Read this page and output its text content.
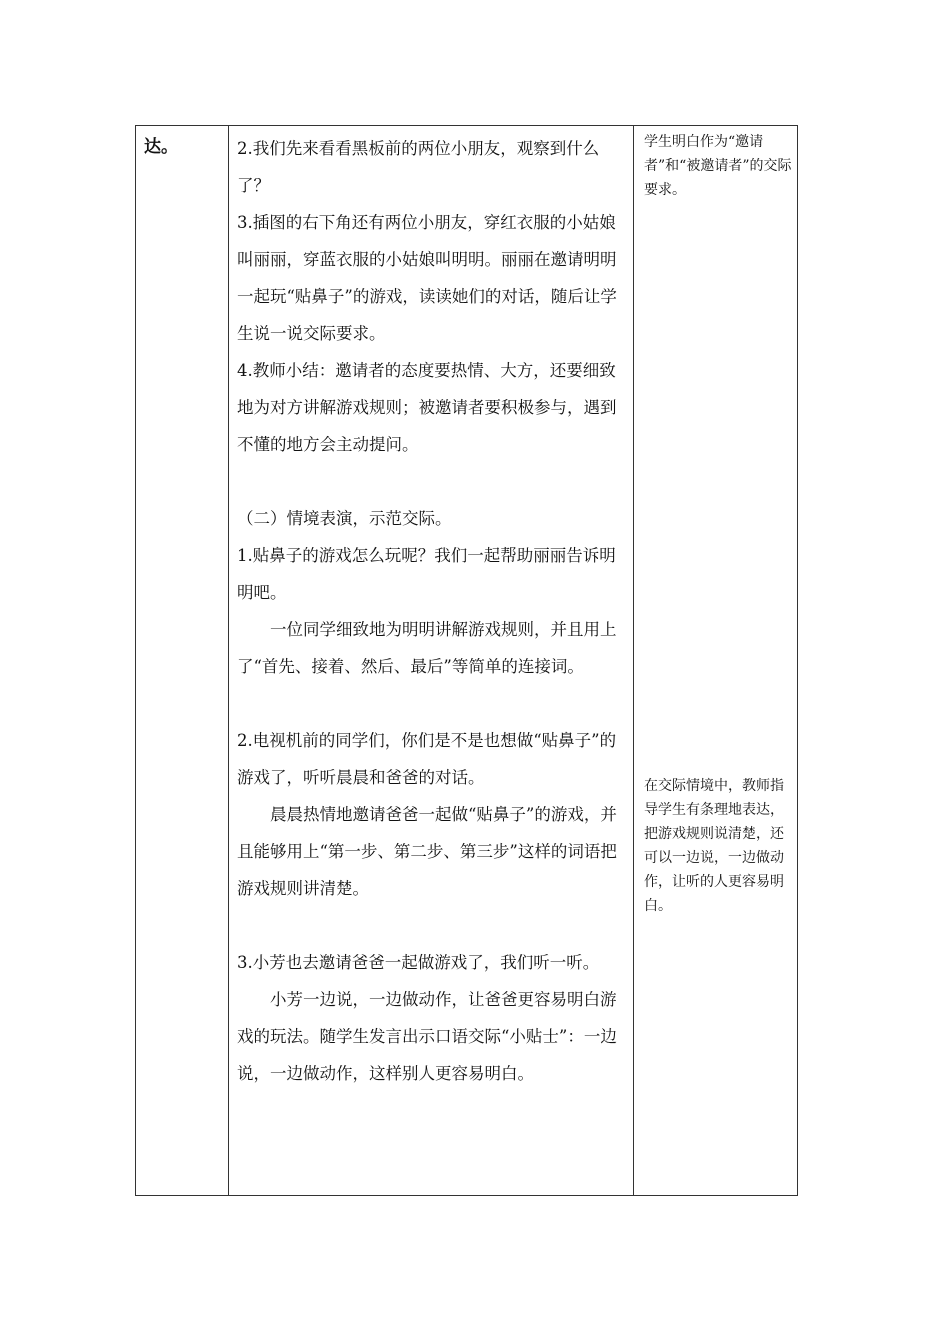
达。	2.我们先来看看黑板前的两位小朋友，观察到什么了？

3.插图的右下角还有两位小朋友，穿红衣服的小姑娘叫丽丽，穿蓝衣服的小姑娘叫明明。丽丽在邀请明明一起玩“贴鼻子”的游戏，读读她们的对话，随后让学生说一说交际要求。

4.教师小结：邀请者的态度要热情、大方，还要细致地为对方讲解游戏规则；被邀请者要积极参与，遇到不懂的地方会主动提问。

（二）情境表演，示范交际。

1.贴鼻子的游戏怎么玩呢？我们一起帮助丽丽告诉明明吧。

一位同学细致地为明明讲解游戏规则，并且用上了“首先、接着、然后、最后”等简单的连接词。

2.电视机前的同学们，你们是不是也想做“贴鼻子”的游戏了，听听晨晨和爸爸的对话。

晨晨热情地邀请爸爸一起做“贴鼻子”的游戏，并且能够用上“第一步、第二步、第三步”这样的词语把游戏规则讲清楚。

3.小芳也去邀请爸爸一起做游戏了，我们听一听。

小芳一边说，一边做动作，让爸爸更容易明白游戏的玩法。随学生发言出示口语交际“小贴士”：一边说，一边做动作，这样别人更容易明白。

学生明白作为“邀请者”和“被邀请者”的交际要求。
在交际情境中，教师指导学生有条理地表达，把游戏规则说清楚，还可以一边说，一边做动作，让听的人更容易明白。
